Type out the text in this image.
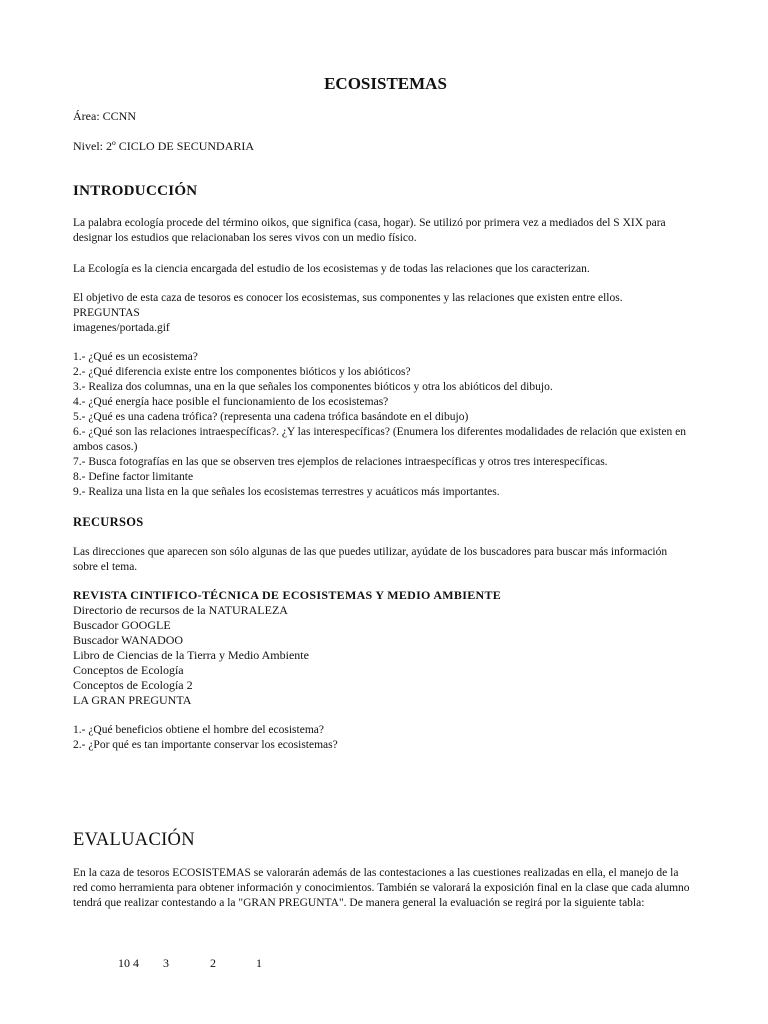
ECOSISTEMAS
Área: CCNN
Nivel: 2º CICLO DE SECUNDARIA
INTRODUCCIÓN
La palabra ecología procede del término oikos, que significa (casa, hogar). Se utilizó por primera vez a mediados del S XIX para designar los estudios que relacionaban los seres vivos con un medio físico.
La Ecología es la ciencia encargada del estudio de los ecosistemas y de todas las relaciones que los caracterizan.
El objetivo de esta caza de tesoros es conocer los ecosistemas, sus componentes y las relaciones que existen entre ellos.
PREGUNTAS
imagenes/portada.gif
1.- ¿Qué es un ecosistema?
2.- ¿Qué diferencia existe entre los componentes bióticos y los abióticos?
3.- Realiza dos columnas, una en la que señales los componentes bióticos y otra los abióticos del dibujo.
4.- ¿Qué energía hace posible el funcionamiento de los ecosistemas?
5.- ¿Qué es una cadena trófica? (representa una cadena trófica basándote en el dibujo)
6.- ¿Qué son las relaciones intraespecíficas?. ¿Y las interespecíficas? (Enumera los diferentes modalidades de relación que existen en ambos casos.)
7.- Busca fotografías en las que se observen tres ejemplos de relaciones intraespecíficas y otros tres interespecíficas.
8.- Define factor limitante
9.- Realiza una lista en la que señales los ecosistemas terrestres y acuáticos más importantes.
RECURSOS
Las direcciones que aparecen son sólo algunas de las que puedes utilizar, ayúdate de los buscadores para buscar más información sobre el tema.
REVISTA CINTIFICO-TÉCNICA DE ECOSISTEMAS Y MEDIO AMBIENTE
Directorio de recursos de la NATURALEZA
Buscador GOOGLE
Buscador WANADOO
Libro de Ciencias de la Tierra y Medio Ambiente
Conceptos de Ecología
Conceptos de Ecología 2
LA GRAN PREGUNTA
1.- ¿Qué beneficios obtiene el hombre del ecosistema?
2.- ¿Por qué es tan importante conservar los ecosistemas?
EVALUACIÓN
En la caza de tesoros ECOSISTEMAS se valorarán además de las contestaciones a las cuestiones realizadas en ella, el manejo de la red como herramienta para obtener información y conocimientos. También se valorará la exposición final en la clase que cada alumno tendrá que realizar contestando a la "GRAN PREGUNTA". De manera general la evaluación se regirá por la siguiente tabla:
10 4 3	2	1
